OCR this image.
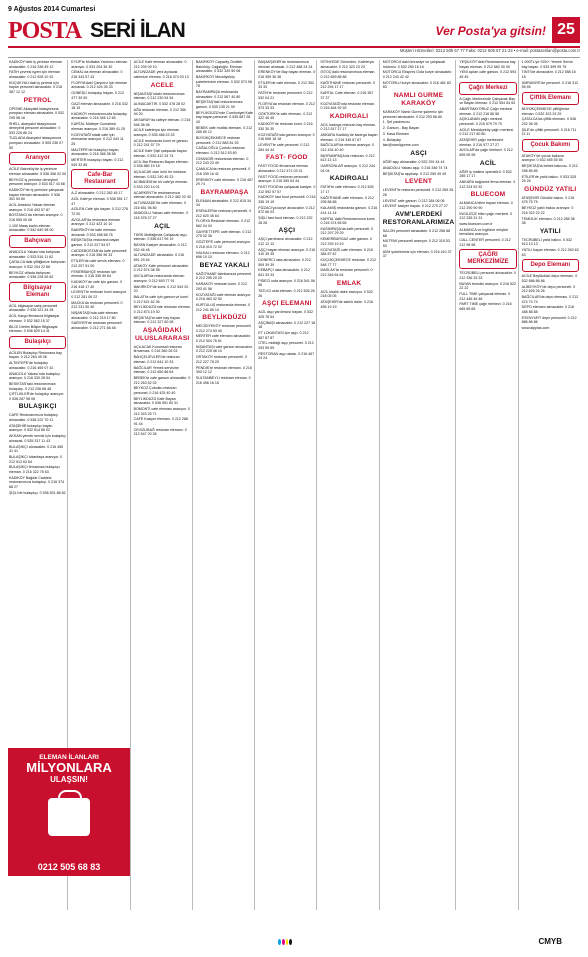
9 Ağustos 2014 Cumartesi
POSTA SERİ İLAN	Ver Posta'ya gitsin! 25
Müşteri Hizmetleri: 0212 505 67 77 Faks: 0212 505 67 21-23 • e-mail: postaserilan@posta.com.tr
KADIKÖY'deki iş yerinize eleman alınacaktır. 0 216 336 45 12
FATİH çevresi işyeri için eleman alınacaktır. 0 212 528 10 32
KÜÇÜKYALI'daki iş yerimiz için bayan personel alınacaktır. 0 216 367 12 12
PETROL
OPİSHE Akaryakıt istasyonuna pompacı eleman alınacaktır. 0 532 295 96 16
SHELL akaryakıt istasyonuna deneyimli personel alınacaktır. 0 533 226 86 24
TUZLADA Akaryakıt istasyonuna pompacı alınacaktır. 0 505 236 07 55
Aranıyor
ACİLE Bakırköy'de iş yerimize eleman alınacaktır. 0 536 456 02 00
BEYKOZ iş yerimize deneyimli personel aranıyor. 0 533 517 43 68
KADIKÖY'de iş yerimize çalışacak bayan eleman alınacaktır. 0 536 301 53 60
ACİL Anadolu Yakası eleman aranıyor. 0 216 493 57 87
BOSTANCI'da eleman aranıyor. 0 216 555 05 06
1.100 Maaş kadın eleman alınacaktır. 0 542 640 98 00
Bahçıvan
ANADOLU Yakası'nda bahçıvan alınacaktır. 0 533 516 11 62
ÇATALCA'daki çiftliğimize bahçıvan aranıyor. 0 532 204 22 86
BEYKOZ villada bahçıvan alınacaktır. 0 536 228 55 82
Bilgisayar Elemanı
ACİL bilgisayar satış personeli alınacaktır. 0 536 321 44 28
ACİL Kargo firmasına bilgisayar elemanı. 0 532 562 15 37
BİLGİ Üretim Bilişim Bilgisayar elemanı. 0 536 829 14 41
Bulaşıkçı
ACİLEN Bulaşıkçı Restorana bay bayan. 0 212 264 45 06
ALTINTEPE'de bulaşıkçı alınacaktır. 0 216 469 07 42
ANADOLU Yakası'nda bulaşıkçı aranıyor. 0 216 330 28 54
BESİKTAS'taki restoranımıza bulaşıkçı. 0 212 236 66 48
ÇİFTLİKLER'de bulaşıkçı aranıyor. 0 536 287 98 06
BULAŞIKÇI
CAFE Restoranımıza bulaşıkçı alınacaktır. 0 536 222 70 11
ATAŞEHİR bulaşıkçı bayan aranıyor. 0 532 614 86 02
AKSAM yemek servisi için bulaşıkçı alınacak. 0 535 317 11 43
BULAŞIKÇI alınacaktır. 0 216 455 41 41
BULAŞIKÇI lokantaya aranıyor. 0 212 513 63 64
BULAŞIKÇI firmamıza bulaşıkçı eleman. 0 216 322 76 63
KADIKÖY Bağdat Caddesi restoranımıza bulaşıkçı. 0 216 374 88 27
ŞİŞLİ'de bulaşıkçı. 0 536 831 88 82
EYÜP'te Mutfakta Yardımcı eleman aranıyor. 0 533 204 36 30
CEMAL'da eleman alınacaktır. 0 216 343 57 43
FLORYA'daki Çarşımız için eleman alınacak. 0 212 424 35 33
GÜNEŞLİ bulaşıkçı bayan. 0 212 477 39 00
GAZİ eleman alınacaktır. 0 216 332 18 15
KADIKÖY restoranımızda bulaşıkçı alınacaktır. 0 216 346 12 65
KARTAL Maltepe Cumartesi eleman aranıyor. 0 216 389 41 25
KOZYATAĞI'ndaki cafe için elemanlar aranıyor. 0 212 443 11 25
MALTEPE'de bulaşıkçı bayan alınacaktır. 0 216 366 38 58
MERTER bulaşıkçı bayan. 0 212 549 32 85
Cafe-Bar Restaurant
A-Z alınacaktır. 0 212 282 48 17
ACİL Kafe'ye eleman. 0 536 551 17 47
ACİLEN Cafe için bayan. 0 212 276 72 00
AVCILAR'da restorana eleman aranıyor. 0 212 423 10 10
BAKIRKÖY'de kafe elemanı alınacak. 0 533 458 68 76
BEŞİKTAŞ'ta restorana bayan garson. 0 212 227 54 57
CADDEBOSTAN'da kafe personeli aranıyor. 0 216 356 96 33
ETİLER'de cafe servis elemanı. 0 212 257 51 00
FENERBAHÇE restoran için eleman. 0 216 336 90 64
KADIKÖY'de cafe için garson. 0 216 418 17 40
LEVENT'te restoran komi aranıyor. 0 212 281 06 22
MACKA'da restoran personeli. 0 212 231 50 40
NİŞANTAŞI'nda cafe elemanı alınacaktır. 0 212 219 17 80
SARIYER'de restoran personeli alınacaktır. 0 212 271 66 48
ACİLE Kafe eleman alınacaktır. 0 212 239 09 10
ALTUNİZADE yeni açılacak cafemize eleman. 0 216 474 03 13
ACELE
NİŞANTAŞI'ndaki restoranımıza eleman. 0 212 230 54 54
ALINACAKTIR. 0 532 478 28 02
AĞA restoran eleman. 0 212 350 94 20
AKSARAY'da cafeye eleman. 0 216 546 38 48
ACİLE kafeterya için eleman aranıyor. 0 535 466 23 33
ACİLE restoranda komi ve garson. 0 212 241 57 79
ACİLE Kafe Şişli çalışacak bayan eleman. 0 532 412 24 74
ACİL Bar Restoran Bayan eleman. 0 536 880 15 18
AÇILACAK olan ünlü bir mekana eleman. 0 532 240 45 23
ACIBADEM'de bir cafe'ye eleman. 0 533 220 14 01
ACARKENT'te restoranımıza eleman alınacaktır. 0 212 482 02 40
ALTUNİZADE'de cafe elemanı. 0 216 651 56 80
ANADOLU Yakası cafe elemanı. 0 216 378 27 27
AÇIL
TÜRK Mutfağında Çalışacak aşçı eleman. 0 536 617 99 19
BAYAN Kasiyer alınacaktır. 0 212 532 46 46
ALTUNİZADE alınacaktır. 0 216 651 29 54
ATAKÖY Kafe personel alınacaktır. 0 212 574 38 38
AVCILAR'da restoranda eleman aranıyor. 0 212 693 77 91
BAKIRKÖY'de komi. 0 212 543 20 20
BALAT'ta cafe için garson ve komi. 0 212 521 62 36
BEYLİKDÜZÜ'nde restoran eleman. 0 212 873 19 30
BEŞİKTAŞ'ta cafe bay bayan eleman. 0 212 327 60 08
AŞAĞIDAKİ ULUSLARARASI
AÇILACAK Kurumsal restoran firmamıza. 0 216 360 26 03
BAHÇELİEVLER'de restoran eleman. 0 212 641 10 33
BAĞCILAR Yemek servisine eleman. 0 212 650 86 64
BEBEK'te cafe garson alınacaktır. 0 212 263 52 02
BEYKOZ Çubuklu restoran personel. 0 216 425 40 40
BEYLİKDÜZÜ Kafe Bayan alınacaktır. 0 536 551 60 31
BOMONTİ cafe elemanı aranıyor. 0 212 343 25 71
CAFE Kasiyer elemanı. 0 212 288 91 44
CEVİZLİBAĞ restoran elemanı. 0 212 547 20 26
BAKIRKÖY Capacity Özdilek Bakırköy, Cağaloğlu. Eleman alınacaktır. 0 532 320 50 06
BAKIRKÖY Mecidiyeköy şubelerimize eleman. 0 532 573 98 78
BAYRAMPAŞA restoranda alınacaktır. 0 212 567 40 80
BEŞİKTAŞ'taki restoranımıza garson. 0 530 135 21 90
BEYLİKDÜZÜ'nde Cumhuriyet Kafe bay bayan personel. 0 535 687 28 43
BEBEK cafe mutfak elemanı. 0 212 265 80 12
BÜYÜKÇEKMECE restoran personeli. 0 212 883 81 93
CAĞALOĞLU Çorlulu restoran elemanı. 0 212 512 53 60
CİHANGİR restoranda eleman. 0 212 243 23 49
ÇAMLICA'da restoran personeli. 0 216 339 16 41
ERENKÖY cafe elemanı. 0 216 467 29 74
BAYRAMPAŞA
ELEMAN alınacaktır. 0 212 615 34 34
ESENLER'de restoran personeli. 0 212 620 45 64
FLORYA Restoran elemanı. 0 212 662 04 04
GAYRETTEPE cafe eleman. 0 212 275 02 36
GÖZTEPE cafe personel aranıyor. 0 216 410 72 02
HALKALI restoran elemanı. 0 212 696 10 10
BEYAZ YAKALI
KAĞITHANE fabrikamıza personel. 0 212 295 20 20
KARAKÖY restoran komi. 0 212 293 41 56
KOZYATAĞI cafe eleman aranıyor. 0 216 463 32 52
KURTULUŞ restoranda eleman. 0 212 241 85 10
BEYLİKDÜZÜ
MECİDİYEKÖY restoran personeli. 0 212 274 53 40
MERTER cafe elemanı alınacaktır. 0 212 504 76 61
NİŞANTAŞI cafe garson alınacaktır. 0 212 225 46 10
ORTAKÖY restoran personeli. 0 212 227 78 20
PENDİK'te restoran elemanı. 0 216 390 12 12
SULTANBEYLİ restoran eleman. 0 216 496 16 16
BAŞAKŞEHİR'de restoranımıza eleman alınacak. 0 212 488 24 24
ERENKÖY'de Bay bayan eleman. 0 216 359 36 36
ETİLER'de cafe eleman. 0 212 352 33 33
FATİH'te restoran personeli. 0 212 532 04 21
FLORYA'da restoran eleman. 0 212 573 33 33
GÖKTÜRK'te cafe elemanı. 0 212 322 45 45
KADIKÖY'de restoran komi. 0 216 330 30 30
KOZYATAĞI'nda garson aranıyor. 0 216 658 18 18
LEVENT'te cafe personel. 0 212 284 44 44
FAST- FOOD
FAST FOOD firmamıza eleman alınacaktır. 0 212 471 03 31
FAST FOOD restoran personeli aranıyor. 0 216 355 54 44
FAST FOOD'da çalışacak kasiyer. 0 212 592 57 57
KADIKÖY fast food personeli. 0 216 336 19 19
PİZZACI'ya kurye alınacaktır. 0 212 572 66 03
ŞİŞLİ fast food eleman. 0 212 232 28 28
AŞÇI
AŞÇI yardımcısı alınacaktır. 0 212 212 12 12
AŞÇI bayan eleman aranıyor. 0 216 310 35 35
DÖNERCİ usta alınacaktır. 0 212 509 39 39
KEBAPÇI usta alınacaktır. 0 212 641 33 33
PİDECİ usta aranıyor. 0 216 541 56 56
TATLICI usta eleman. 0 212 526 26 26
AŞÇI ELEMANI
ACİL aşçı yardımcısı bayan. 0 532 425 78 54
AŞÇIBAŞI alınacaktır. 0 212 227 18 18
ET LOKANTASI için aşçı. 0 212 587 87 87
OTEL mutfağı aşçı personel. 0 212 293 59 59
RESTORAN aşçı ustası. 0 216 467 24 24
İSTİNYEDE Dönerden, Kafeterya alınacaktır. 0 212 323 23 23
İSTOÇ'daki restoranımıza eleman. 0 212 659 86 86
KAĞITHANE restoran personeli. 0 212 294 17 17
KARTAL Cafe eleman. 0 216 387 37 37
KOZYATAĞI'nda restoran eleman. 0 216 464 92 92
KADIRGALI
ACİL kadırga restoran bay eleman. 0 212 517 17 17
ANKARA Kadıköy'de kadırga bayan elemanı. 0 216 345 67 67
BAĞCILAR'da eleman aranıyor. 0 212 434 40 40
BAYRAMPAŞA'da restoran. 0 212 613 13 13
GARSONLAR aranıyor. 0 212 244 04 04
KADIRGALI
FATİH'te cafe elemanı. 0 212 635 17 17
KAĞITHANE cafe elemanı. 0 212 295 88 88
KALAMIŞ restoranda garson. 0 216 414 14 14
KARTAL'daki Restoranımıza komi. 0 216 374 65 65
KASIMPAŞA'da kafe personeli. 0 212 297 29 29
KEMERBURGAZ cafe garson. 0 212 239 19 19
KOZYATAĞI cafe elemanı. 0 216 384 87 87
KÜÇÜKÇEKMECE restoran. 0 212 548 77 77
MASLAK'ta restoran personeli. 0 212 346 64 64
EMLAK
ACİL kiralık daire aranıyor. 0 532 218 05 05
ATAŞEHİR'de satılık daire. 0 216 456 19 19
MOTORCU'daki ümraniye ve çalışacak motorcu. 0 532 250 16 16
MOTORCU Ekspres Gıda kurye alınacaktır. 0 212 243 42 42
MOTORLU kurye alınacaktır. 0 216 481 83 83
NAMLI GURME KARAKÖY
KARAKÖY Namlı Gurme şubemiz için personel alınacaktır. 0 212 293 68 80
1. Şef yardımcısı
2. Garson - Bay Bayan
3. Kasa Elemanı
4. Bulaşıkçı
ilan@namligurme.com
ASÇI
AĞIR aşçı alınacaktır. 0 532 291 44 44
ANADOLU Yakası aşçı. 0 216 346 74 74
BEŞİKTAŞ'ta aşçıbaşı. 0 212 259 49 49
LEVENT
LEVENT'te restoran personeli. 0 212 269 26 26
LEVENT cafe garson. 0 212 284 06 06
LEVENT kasiyer bayan. 0 212 270 27 27
AVM'LERDEKİ RESTORANLARIMIZA
SALON personel alınacaktır. 0 212 256 68 68
MUTFAK personeli aranıyor. 0 212 315 53 53
AVM şubelerimiz için eleman. 0 216 410 37 37
YEŞİLKÖY'deki Restoranımıza bay bayan eleman. 0 212 662 00 00
YENİ açılan cafe garson. 0 212 593 45 45
Çağrı Merkezi
A Çağrı Merkezinde Çalışacak Bay ve Bayan eleman. 0 212 354 54 54
ABARTMAYORUZ Çağrı merkezi eleman. 0 212 216 56 56
AÇIKLANAN çağrı merkezi personeli. 0 216 579 79 79
ACİLE Mecidiyeköy çağrı merkezi. 0 212 217 80 80
ATAŞEHİR çağrı merkezine eleman. 0 216 577 27 27
AVCILAR'da çağrı merkezi. 0 212 695 95 95
ACİL
AĞIR iş makine operatörü. 0 532 285 17 17
ANKARA bağlantılı firma eleman. 0 212 224 52 52
BLUECOM
ALMANCA bilen bayan eleman. 0 212 290 90 90
İNGİLİZCE bilen çağrı merkezi. 0 212 335 31 31
www.bluecom.com.tr
ALMANCA ve İngilizce müşteri temsilcisi aranıyor.
CALL CENTER personeli. 0 212 212 98 98
ÇAĞRI MERKEZİMİZE
TECRÜBELİ personel alınacaktır. 0 212 336 33 33
BAYAN temsilci aranıyor. 0 216 522 22 22
FULL TIME çalışacak eleman. 0 212 446 46 46
PART TIME çağrı merkezi. 0 216 665 65 65
1.000TL'ye SGK+ Yemek Servis bay bayan. 0 533 399 95 75
TİNTİ'de alınacaktır. 0 212 558 18 18
ÜMRANİYE'de personel. 0 216 312 55 55
Çiftlik Elemanı
BÜYÜKÇEKMECE çiftliğimize eleman. 0 532 323 29 29
ÇATALCA'da çiftlik elemanı. 0 536 232 36 36
ŞİLE'de çiftlik personeli. 0 216 711 11 11
Çocuk Bakımı
ATAKÖY'de çocuk bakıcısı aranıyor. 0 532 455 55 55
BEŞİKTAŞ'ta bebek bakıcısı. 0 212 258 85 85
ETİLER'de yatılı bakıcı. 0 533 325 25 25
GÜNDÜZ YATILI
ATAŞEHİR Gündüz bakıcı. 0 216 475 75 75
BEYKOZ yatılı bakıcı aranıyor. 0 216 322 22 22
TEMİZLİK elemanı. 0 212 285 38 38
YATILI
TECRÜBELİ yatılı bakıcı. 0 532 513 13 13
YATILI bayan eleman. 0 212 263 63 63
Depo Elemanı
ACİLE Beylikdüzü depo elemanı. 0 532 686 86 86
ALİBEYKÖY'de depo personeli. 0 212 626 26 26
BAĞCILAR'da depo elemanı. 0 212 474 74 74
DEPO elemanı alınacaktır. 0 216 488 88 88
ESENYURT depo personeli. 0 212 886 86 86
www.alpplas.com
ELEMAN İLANLARI
MİLYONLARA
ULAŞSIN!
0212 505 68 83
CMYB
